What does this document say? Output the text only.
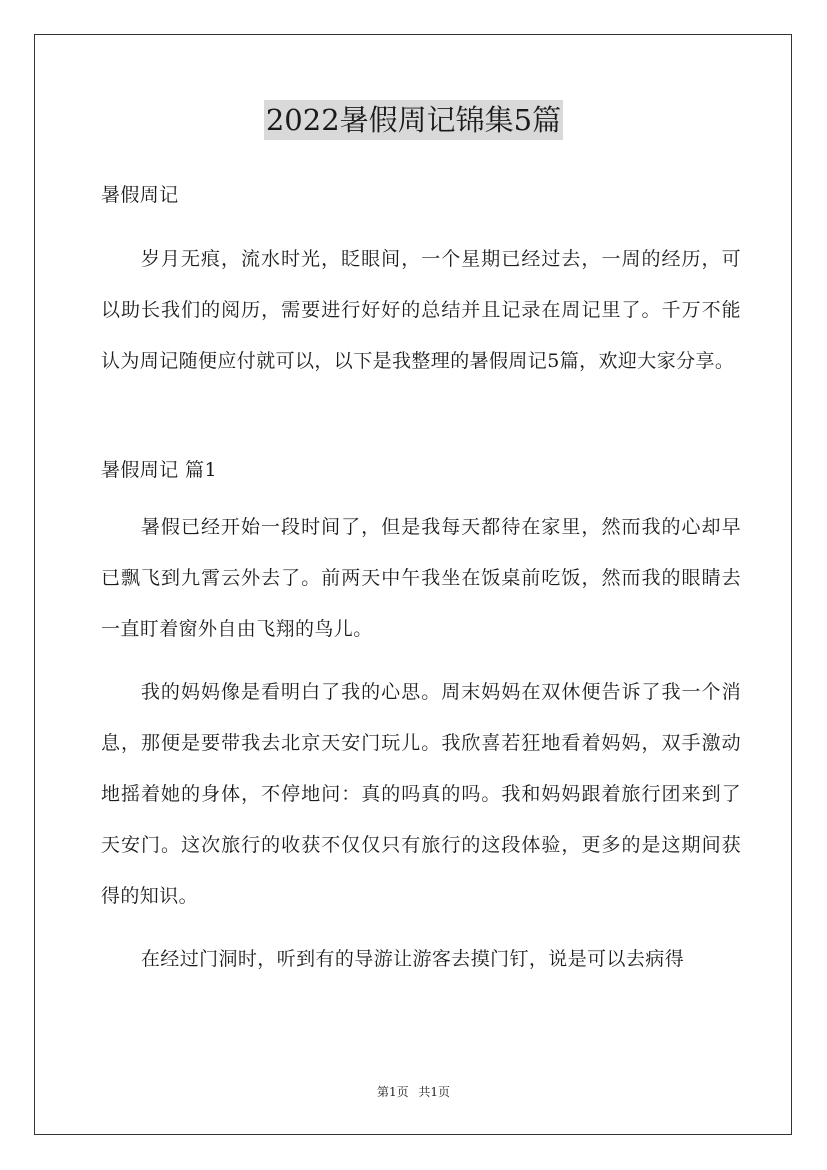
2022暑假周记锦集5篇

暑假周记

岁月无痕，流水时光，眨眼间，一个星期已经过去，一周的经历，可以助长我们的阅历，需要进行好好的总结并且记录在周记里了。千万不能认为周记随便应付就可以，以下是我整理的暑假周记5篇，欢迎大家分享。

暑假周记 篇1

暑假已经开始一段时间了，但是我每天都待在家里，然而我的心却早已飘飞到九霄云外去了。前两天中午我坐在饭桌前吃饭，然而我的眼睛去一直盯着窗外自由飞翔的鸟儿。

我的妈妈像是看明白了我的心思。周末妈妈在双休便告诉了我一个消息，那便是要带我去北京天安门玩儿。我欣喜若狂地看着妈妈，双手激动地摇着她的身体，不停地问：真的吗真的吗。我和妈妈跟着旅行团来到了天安门。这次旅行的收获不仅仅只有旅行的这段体验，更多的是这期间获得的知识。

在经过门洞时，听到有的导游让游客去摸门钉，说是可以去病得

第1页 共1页
